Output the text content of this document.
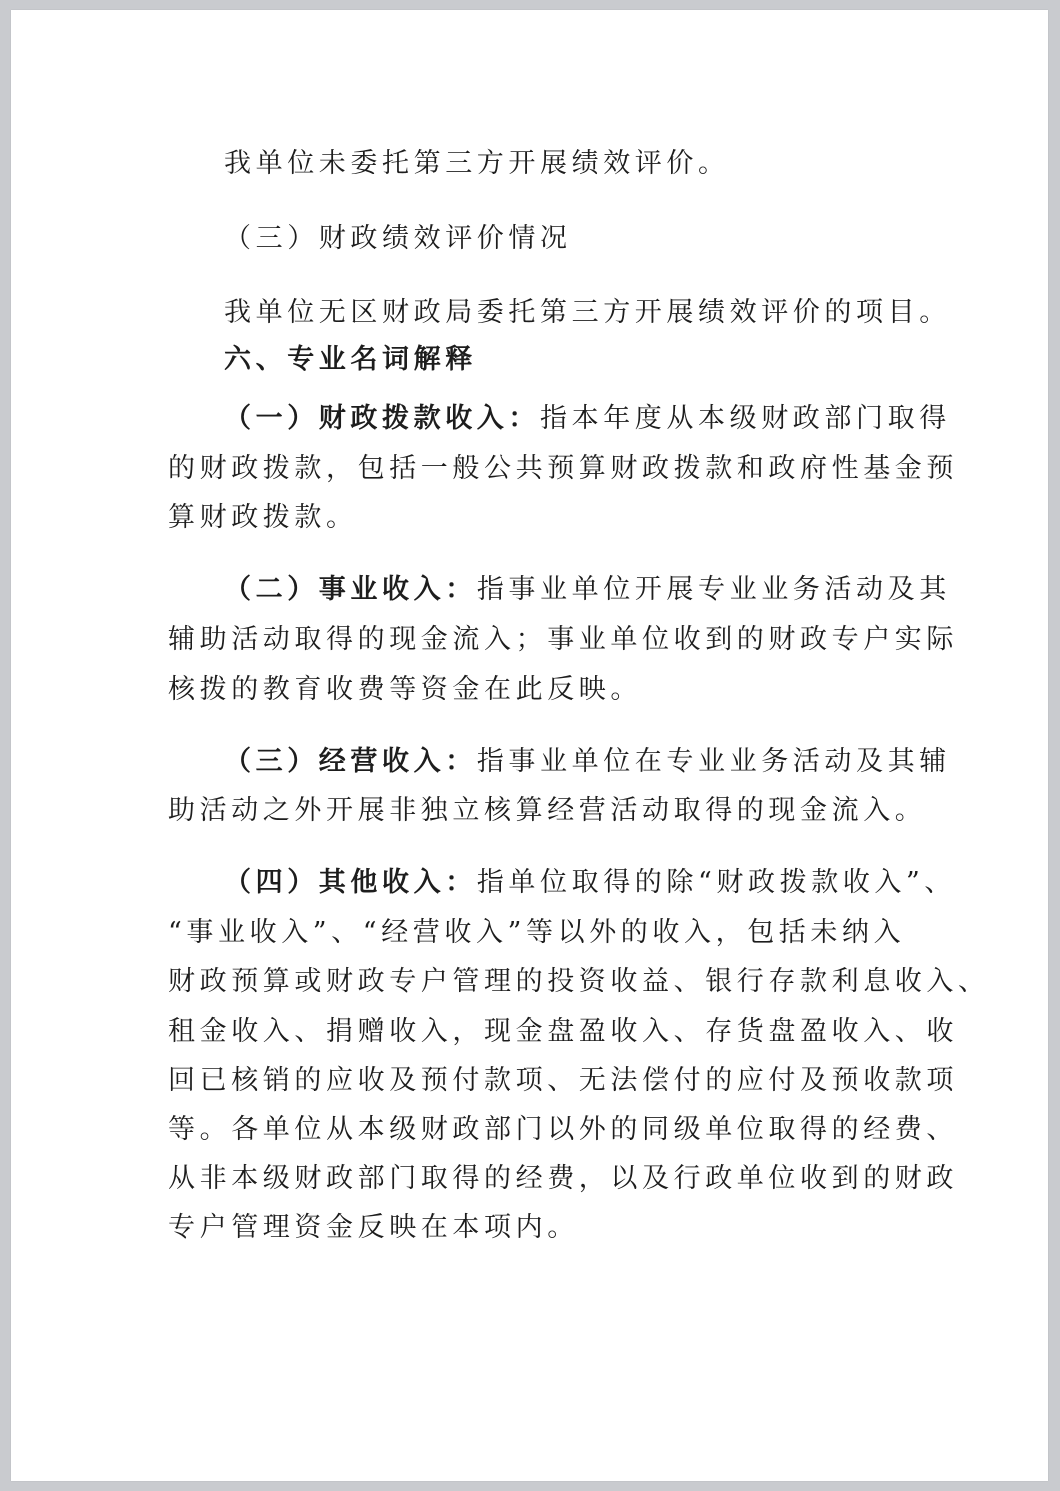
我单位未委托第三方开展绩效评价。

（三）财政绩效评价情况

我单位无区财政局委托第三方开展绩效评价的项目。

六、专业名词解释

（一）财政拨款收入：指本年度从本级财政部门取得

的财政拨款，包括一般公共预算财政拨款和政府性基金预

算财政拨款。

（二）事业收入：指事业单位开展专业业务活动及其

辅助活动取得的现金流入；事业单位收到的财政专户实际

核拨的教育收费等资金在此反映。

（三）经营收入：指事业单位在专业业务活动及其辅

助活动之外开展非独立核算经营活动取得的现金流入。

（四）其他收入：指单位取得的除“财政拨款收入”、

“事业收入”、“经营收入”等以外的收入，包括未纳入

财政预算或财政专户管理的投资收益、银行存款利息收入、

租金收入、捐赠收入，现金盘盈收入、存货盘盈收入、收

回已核销的应收及预付款项、无法偿付的应付及预收款项

等。各单位从本级财政部门以外的同级单位取得的经费、

从非本级财政部门取得的经费，以及行政单位收到的财政

专户管理资金反映在本项内。
